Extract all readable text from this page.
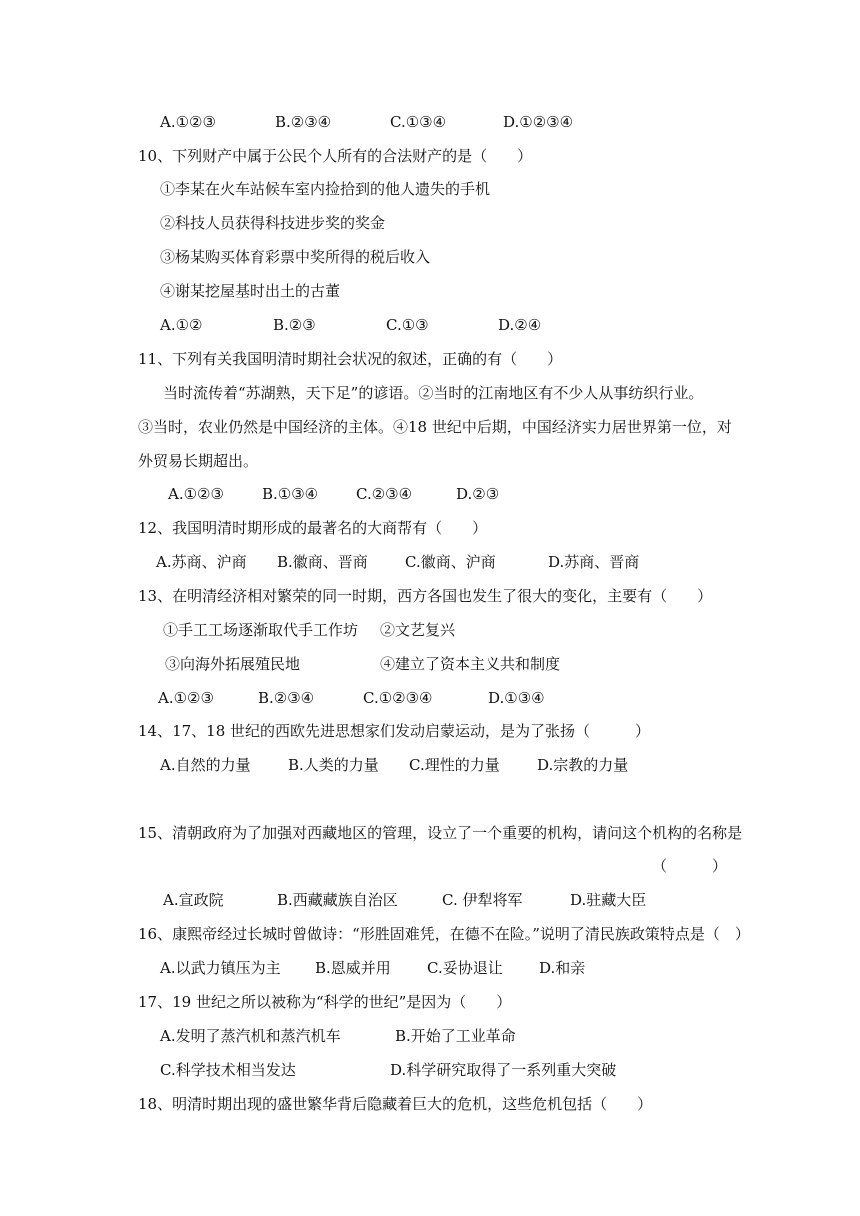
A.①②③	B.②③④	C.①③④	D.①②③④
10、下列财产中属于公民个人所有的合法财产的是（　　）
①李某在火车站候车室内捡拾到的他人遗失的手机
②科技人员获得科技进步奖的奖金
③杨某购买体育彩票中奖所得的税后收入
④谢某挖屋基时出土的古董
A.①②	B.②③	C.①③	D.②④
11、下列有关我国明清时期社会状况的叙述，正确的有（　　）
当时流传着“苏湖熟，天下足”的谚语。②当时的江南地区有不少人从事纺织行业。
③当时，农业仍然是中国经济的主体。④18 世纪中后期，中国经济实力居世界第一位，对
外贸易长期超出。
A.①②③	B.①③④	C.②③④	D.②③
12、我国明清时期形成的最著名的大商帮有（　　）
A.苏商、沪商 B.徽商、晋商 C.徽商、沪商	D.苏商、晋商
13、在明清经济相对繁荣的同一时期，西方各国也发生了很大的变化，主要有（　　）
①手工工场逐渐取代手工作坊 ②文艺复兴
③向海外拓展殖民地	④建立了资本主义共和制度
A.①②③	B.②③④	C.①②③④	D.①③④
14、17、18 世纪的西欧先进思想家们发动启蒙运动，是为了张扬（　　　）
A.自然的力量 B.人类的力量 C.理性的力量 D.宗教的力量
15、清朝政府为了加强对西藏地区的管理，设立了一个重要的机构，请问这个机构的名称是
（　　　）
A.宣政院	B.西藏藏族自治区	C. 伊犁将军	D.驻藏大臣
16、康熙帝经过长城时曾做诗：“形胜固难凭，在德不在险。”说明了清民族政策特点是（　）
A.以武力镇压为主 B.恩威并用 C.妥协退让 D.和亲
17、19 世纪之所以被称为“科学的世纪”是因为（　　）
A.发明了蒸汽机和蒸汽机车	B.开始了工业革命
C.科学技术相当发达	D.科学研究取得了一系列重大突破
18、明清时期出现的盛世繁华背后隐藏着巨大的危机，这些危机包括（　　）
